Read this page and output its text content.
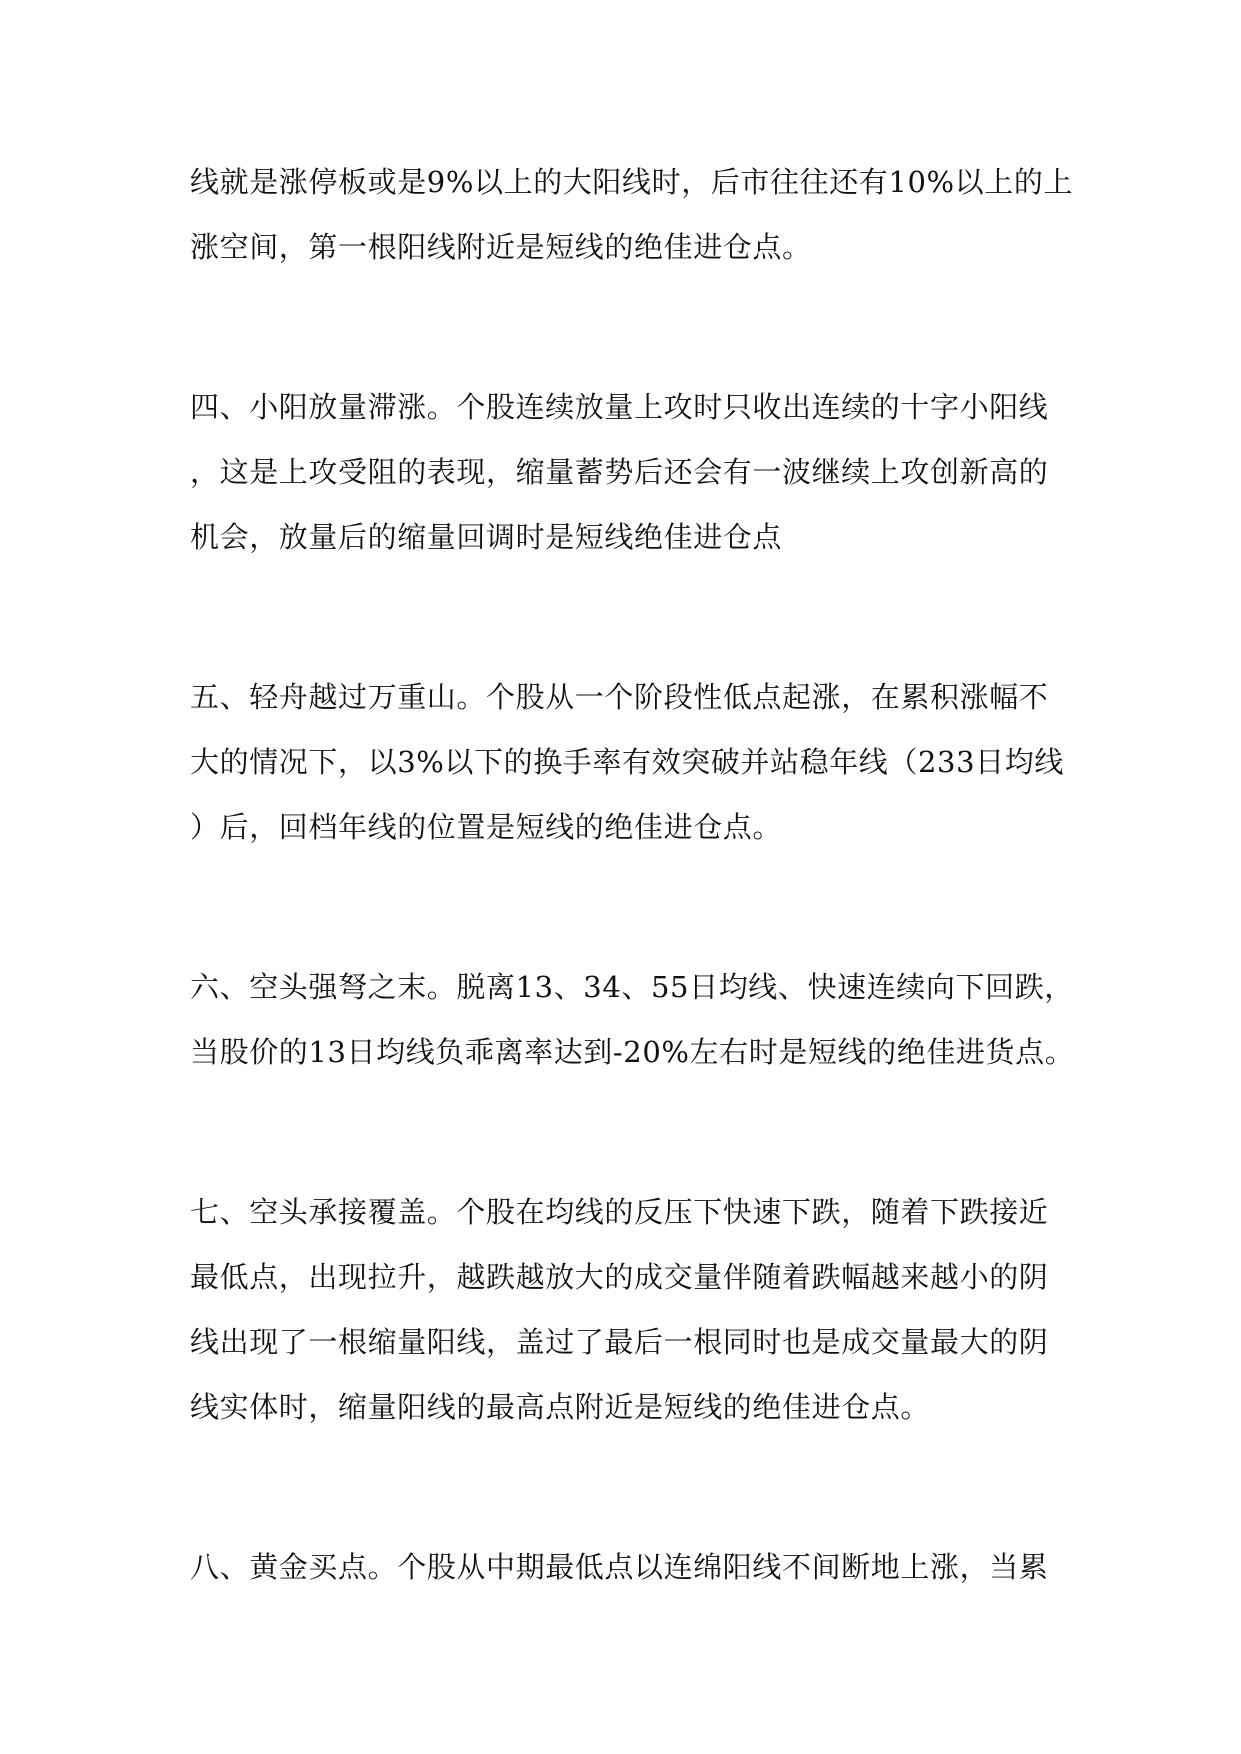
线就是涨停板或是9%以上的大阳线时，后市往往还有10%以上的上
涨空间，第一根阳线附近是短线的绝佳进仓点。
四、小阳放量滞涨。个股连续放量上攻时只收出连续的十字小阳线
，这是上攻受阻的表现，缩量蓄势后还会有一波继续上攻创新高的
机会，放量后的缩量回调时是短线绝佳进仓点
五、轻舟越过万重山。个股从一个阶段性低点起涨，在累积涨幅不
大的情况下，以3%以下的换手率有效突破并站稳年线（233日均线
）后，回档年线的位置是短线的绝佳进仓点。
六、空头强弩之末。脱离13、34、55日均线、快速连续向下回跌，
当股价的13日均线负乖离率达到-20%左右时是短线的绝佳进货点。
七、空头承接覆盖。个股在均线的反压下快速下跌，随着下跌接近
最低点，出现拉升，越跌越放大的成交量伴随着跌幅越来越小的阴
线出现了一根缩量阳线，盖过了最后一根同时也是成交量最大的阴
线实体时，缩量阳线的最高点附近是短线的绝佳进仓点。
八、黄金买点。个股从中期最低点以连绵阳线不间断地上涨，当累
